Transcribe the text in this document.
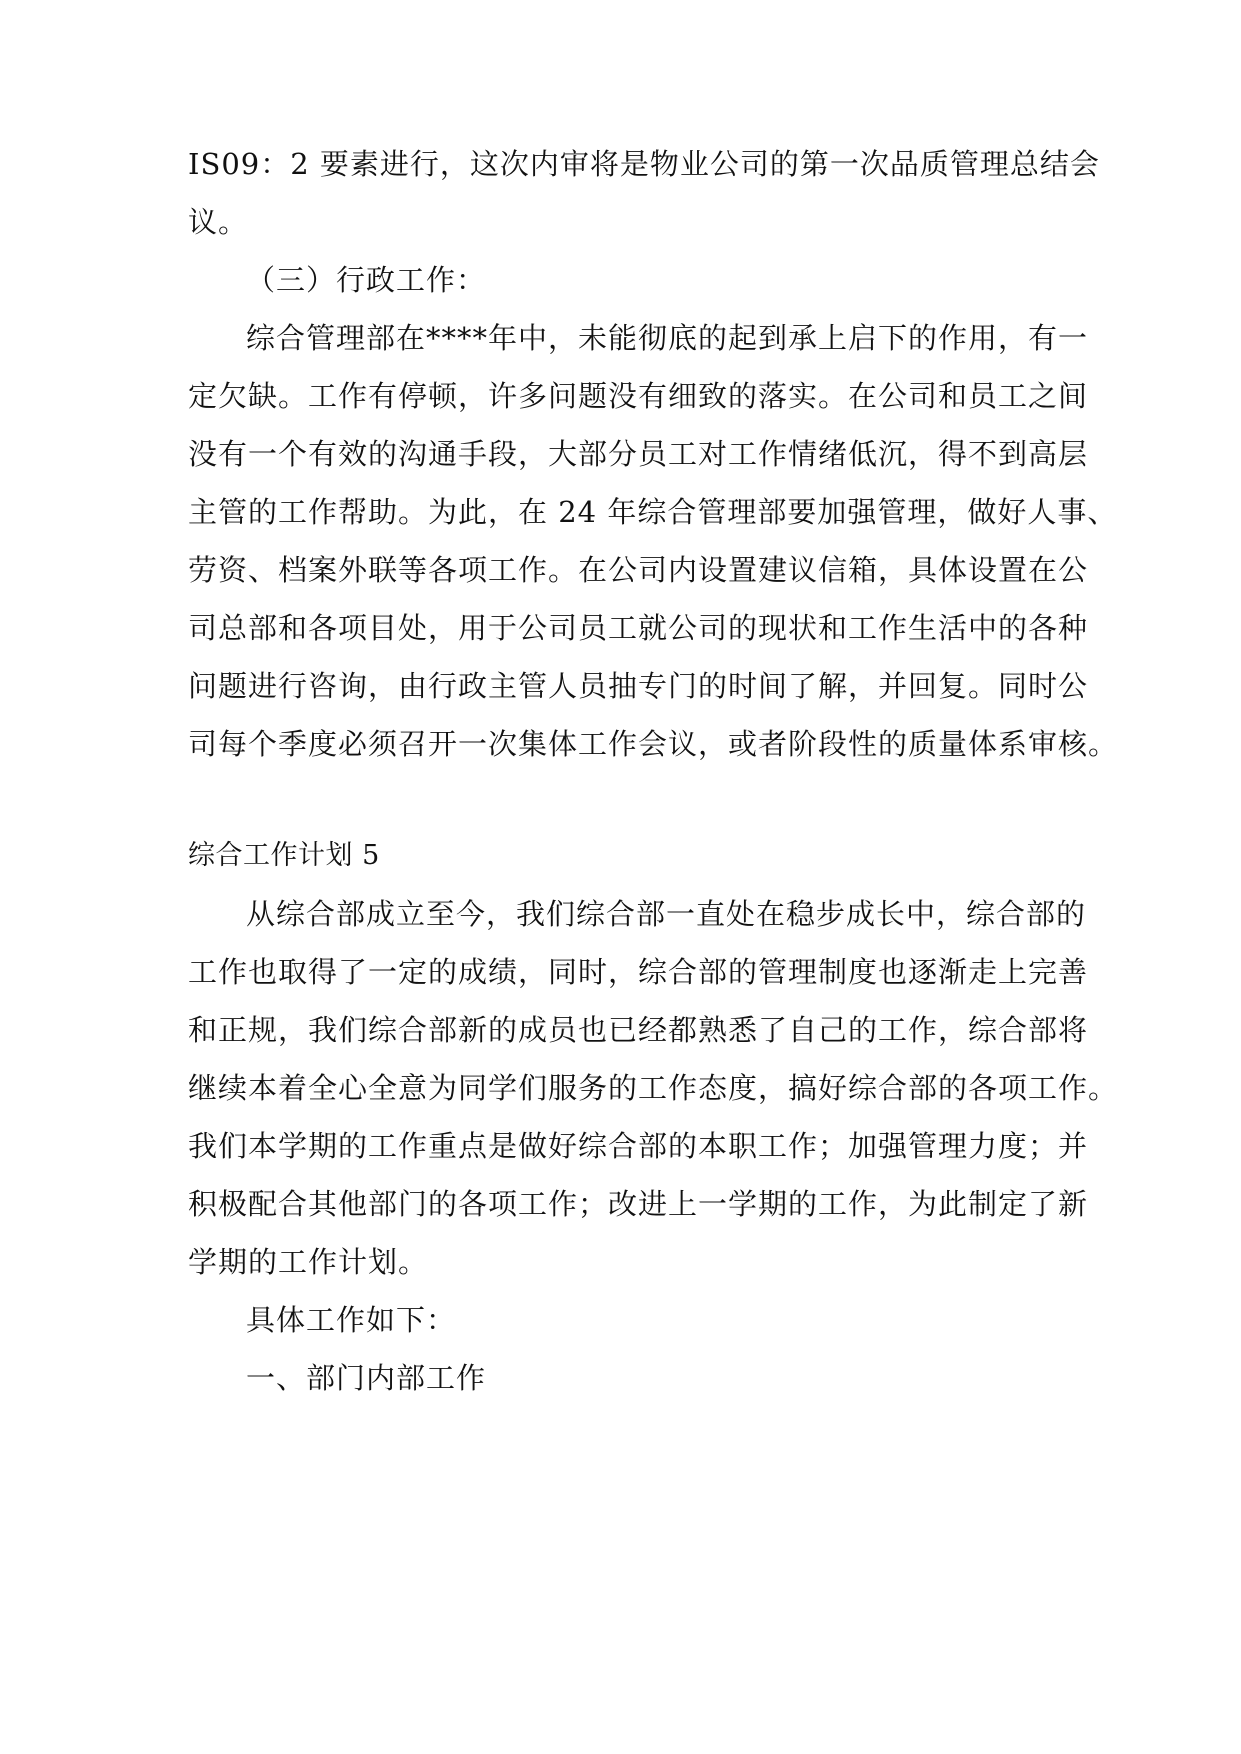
IS09：2 要素进行，这次内审将是物业公司的第一次品质管理总结会
议。
（三）行政工作：
综合管理部在****年中，未能彻底的起到承上启下的作用，有一
定欠缺。工作有停顿，许多问题没有细致的落实。在公司和员工之间
没有一个有效的沟通手段，大部分员工对工作情绪低沉，得不到高层
主管的工作帮助。为此，在 24 年综合管理部要加强管理，做好人事、
劳资、档案外联等各项工作。在公司内设置建议信箱，具体设置在公
司总部和各项目处，用于公司员工就公司的现状和工作生活中的各种
问题进行咨询，由行政主管人员抽专门的时间了解，并回复。同时公
司每个季度必须召开一次集体工作会议，或者阶段性的质量体系审核。
综合工作计划 5
从综合部成立至今，我们综合部一直处在稳步成长中，综合部的
工作也取得了一定的成绩，同时，综合部的管理制度也逐渐走上完善
和正规，我们综合部新的成员也已经都熟悉了自己的工作，综合部将
继续本着全心全意为同学们服务的工作态度，搞好综合部的各项工作。
我们本学期的工作重点是做好综合部的本职工作；加强管理力度；并
积极配合其他部门的各项工作；改进上一学期的工作，为此制定了新
学期的工作计划。
具体工作如下：
一、部门内部工作
